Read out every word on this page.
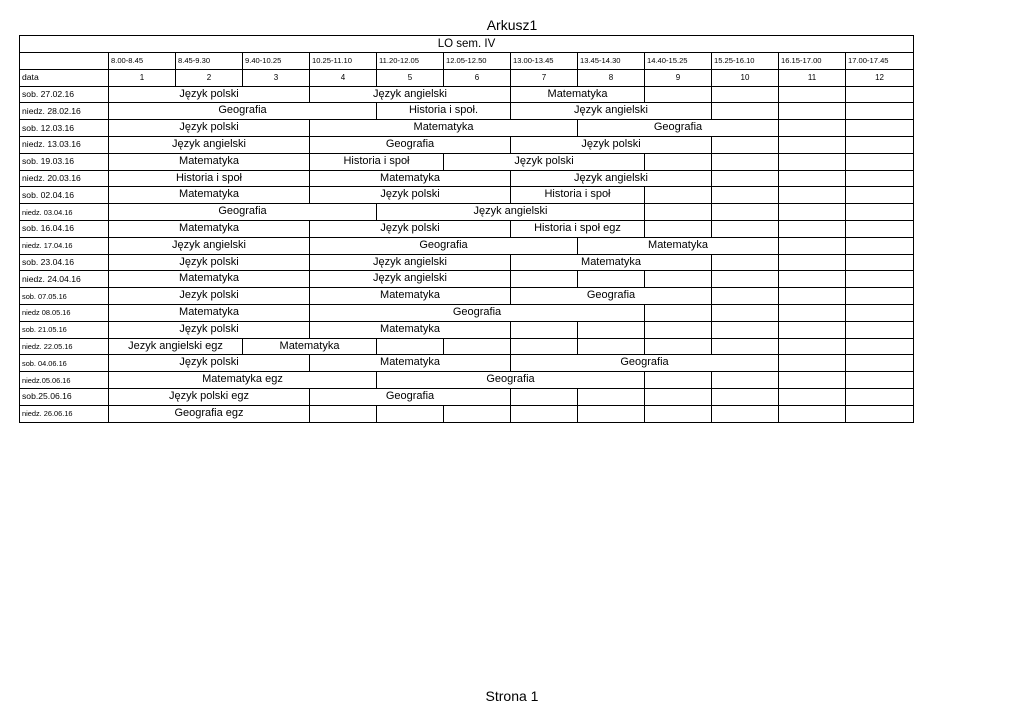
Arkusz1
LO sem. IV												
	8.00-8.45	8.45-9.30	9.40-10.25	10.25-11.10	11.20-12.05	12.05-12.50	13.00-13.45	13.45-14.30	14.40-15.25	15.25-16.10	16.15-17.00	17.00-17.45
data	1	2	3	4	5	6	7	8	9	10	11	12
sob. 27.02.16	Język polski			Język angielski			Matematyka					
niedz. 28.02.16	Geografia				Historia i społ.		Język angielski					
sob. 12.03.16	Język polski			Matematyka				Geografia				
niedz. 13.03.16	Język angielski			Geografia			Język polski					
sob. 19.03.16	Matematyka			Historia i społ		Język polski						
niedz. 20.03.16	Historia i społ			Matematyka			Język angielski					
sob. 02.04.16	Matematyka			Język polski			Historia i społ					
niedz. 03.04.16	Geografia				Język angielski							
sob. 16.04.16	Matematyka			Język polski			Historia i społ egz					
niedz. 17.04.16	Język angielski			Geografia				Matematyka				
sob. 23.04.16	Język polski			Język angielski			Matematyka					
niedz. 24.04.16	Matematyka			Język angielski								
sob. 07.05.16	Jezyk polski			Matematyka			Geografia					
niedz 08.05.16	Matematyka			Geografia								
sob. 21.05.16	Język polski			Matematyka								
niedz. 22.05.16	Jezyk angielski egz		Matematyka									
sob. 04.06.16	Język polski			Matematyka			Geografia					
niedz.05.06.16	Matematyka egz				Geografia							
sob.25.06.16	Język polski egz			Geografia								
niedz. 26.06.16	Geografia egz											
Strona 1
